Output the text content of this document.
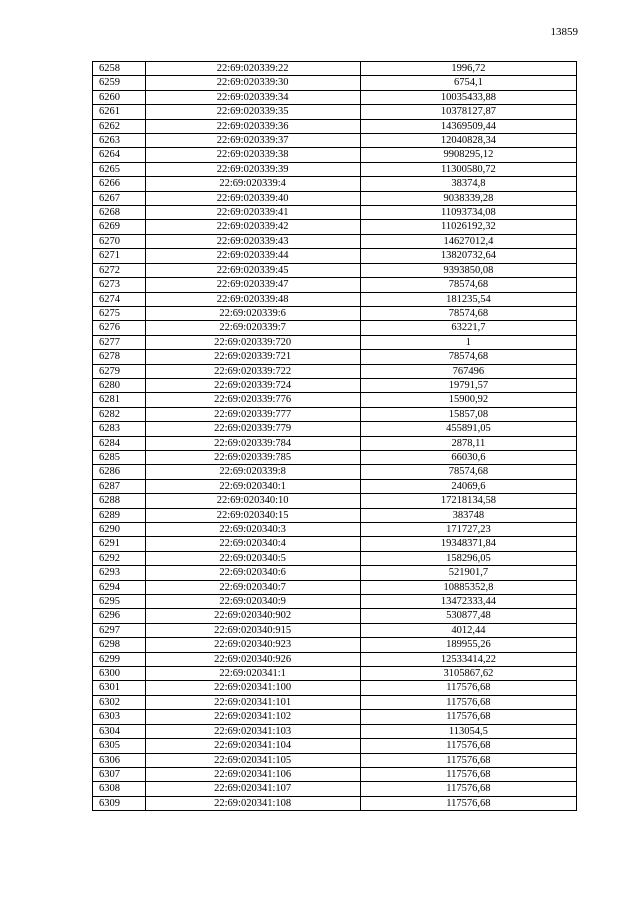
13859
6258	22:69:020339:22	1996,72
6259	22:69:020339:30	6754,1
6260	22:69:020339:34	10035433,88
6261	22:69:020339:35	10378127,87
6262	22:69:020339:36	14369509,44
6263	22:69:020339:37	12040828,34
6264	22:69:020339:38	9908295,12
6265	22:69:020339:39	11300580,72
6266	22:69:020339:4	38374,8
6267	22:69:020339:40	9038339,28
6268	22:69:020339:41	11093734,08
6269	22:69:020339:42	11026192,32
6270	22:69:020339:43	14627012,4
6271	22:69:020339:44	13820732,64
6272	22:69:020339:45	9393850,08
6273	22:69:020339:47	78574,68
6274	22:69:020339:48	181235,54
6275	22:69:020339:6	78574,68
6276	22:69:020339:7	63221,7
6277	22:69:020339:720	1
6278	22:69:020339:721	78574,68
6279	22:69:020339:722	767496
6280	22:69:020339:724	19791,57
6281	22:69:020339:776	15900,92
6282	22:69:020339:777	15857,08
6283	22:69:020339:779	455891,05
6284	22:69:020339:784	2878,11
6285	22:69:020339:785	66030,6
6286	22:69:020339:8	78574,68
6287	22:69:020340:1	24069,6
6288	22:69:020340:10	17218134,58
6289	22:69:020340:15	383748
6290	22:69:020340:3	171727,23
6291	22:69:020340:4	19348371,84
6292	22:69:020340:5	158296,05
6293	22:69:020340:6	521901,7
6294	22:69:020340:7	10885352,8
6295	22:69:020340:9	13472333,44
6296	22:69:020340:902	530877,48
6297	22:69:020340:915	4012,44
6298	22:69:020340:923	189955,26
6299	22:69:020340:926	12533414,22
6300	22:69:020341:1	3105867,62
6301	22:69:020341:100	117576,68
6302	22:69:020341:101	117576,68
6303	22:69:020341:102	117576,68
6304	22:69:020341:103	113054,5
6305	22:69:020341:104	117576,68
6306	22:69:020341:105	117576,68
6307	22:69:020341:106	117576,68
6308	22:69:020341:107	117576,68
6309	22:69:020341:108	117576,68
